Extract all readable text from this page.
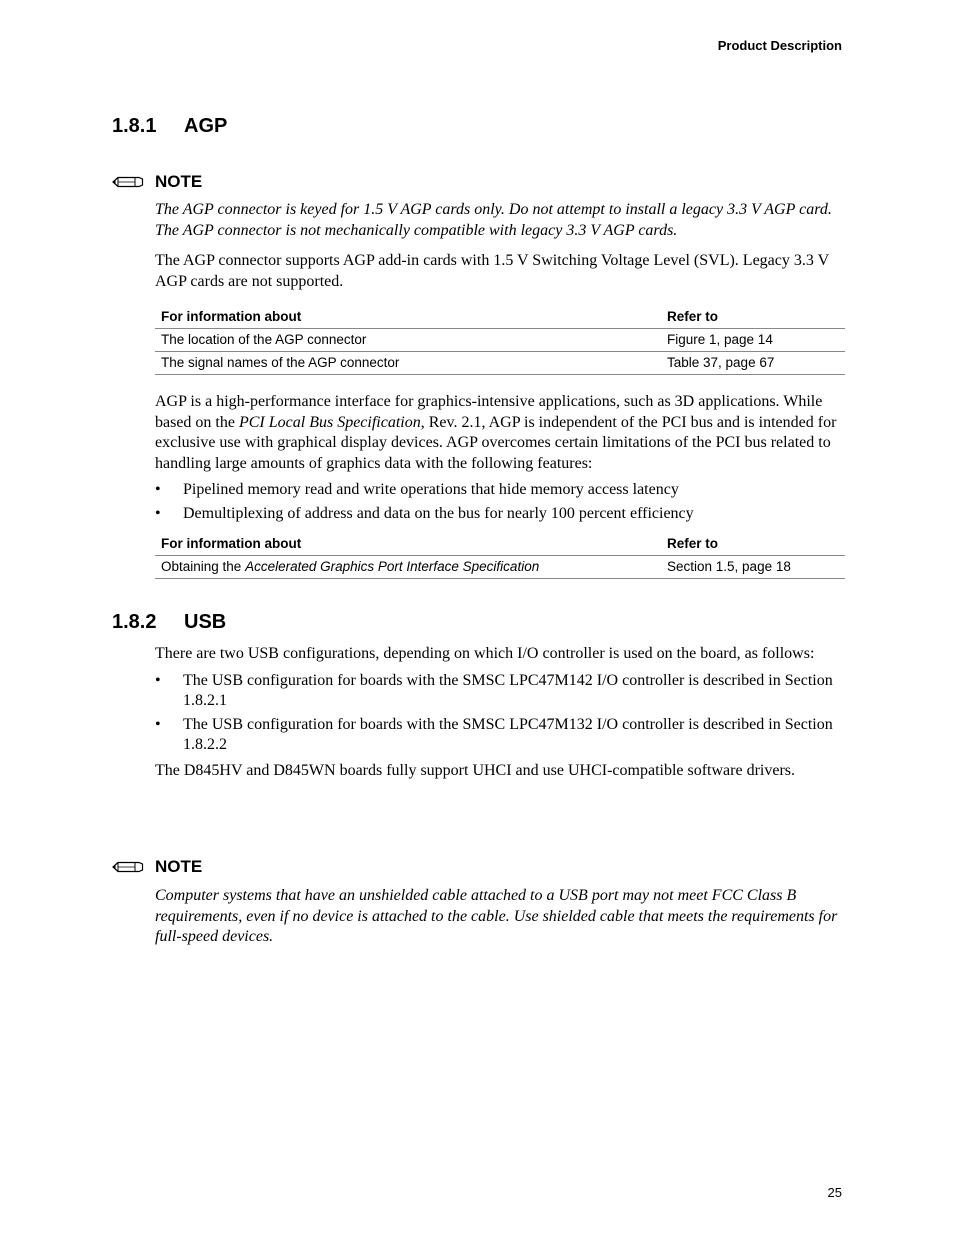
Product Description
1.8.1 AGP
NOTE

The AGP connector is keyed for 1.5 V AGP cards only. Do not attempt to install a legacy 3.3 V AGP card. The AGP connector is not mechanically compatible with legacy 3.3 V AGP cards.

The AGP connector supports AGP add-in cards with 1.5 V Switching Voltage Level (SVL). Legacy 3.3 V AGP cards are not supported.

For information about	Refer to
The location of the AGP connector	Figure 1, page 14
The signal names of the AGP connector	Table 37, page 67

AGP is a high-performance interface for graphics-intensive applications, such as 3D applications. While based on the PCI Local Bus Specification, Rev. 2.1, AGP is independent of the PCI bus and is intended for exclusive use with graphical display devices. AGP overcomes certain limitations of the PCI bus related to handling large amounts of graphics data with the following features:

• Pipelined memory read and write operations that hide memory access latency
• Demultiplexing of address and data on the bus for nearly 100 percent efficiency
For information about	Refer to
Obtaining the Accelerated Graphics Port Interface Specification	Section 1.5, page 18
1.8.2 USB

There are two USB configurations, depending on which I/O controller is used on the board, as follows:

• The USB configuration for boards with the SMSC LPC47M142 I/O controller is described in Section 1.8.2.1
• The USB configuration for boards with the SMSC LPC47M132 I/O controller is described in Section 1.8.2.2

The D845HV and D845WN boards fully support UHCI and use UHCI-compatible software drivers.

NOTE

Computer systems that have an unshielded cable attached to a USB port may not meet FCC Class B requirements, even if no device is attached to the cable. Use shielded cable that meets the requirements for full-speed devices.

25
